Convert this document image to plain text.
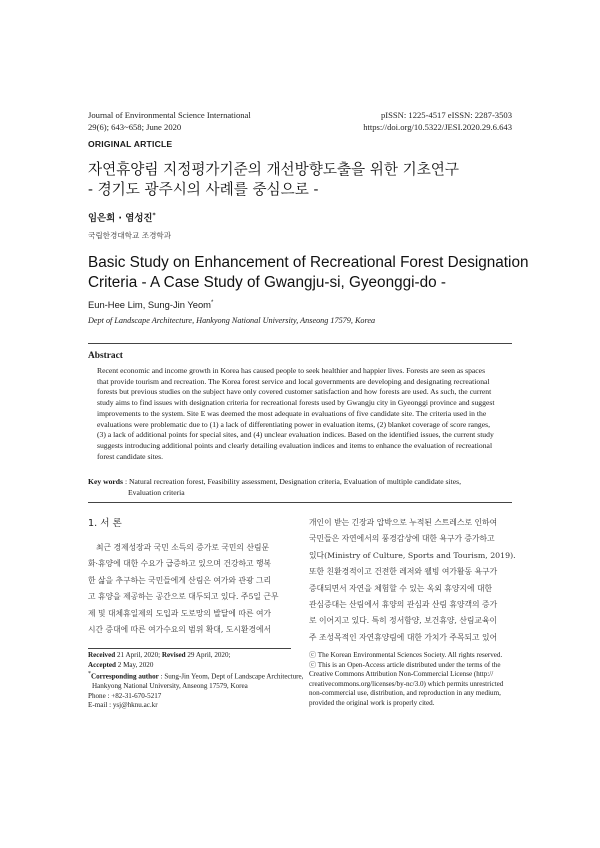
Journal of Environmental Science International
29(6); 643~658; June 2020
pISSN: 1225-4517 eISSN: 2287-3503
https://doi.org/10.5322/JESI.2020.29.6.643
ORIGINAL ARTICLE
자연휴양림 지정평가기준의 개선방향도출을 위한 기초연구
- 경기도 광주시의 사례를 중심으로 -
임은희 · 염성진*
국립한경대학교 조경학과
Basic Study on Enhancement of Recreational Forest Designation
Criteria - A Case Study of Gwangju-si, Gyeonggi-do -
Eun-Hee Lim, Sung-Jin Yeom*
Dept of Landscape Architecture, Hankyong National University, Anseong 17579, Korea
Abstract
Recent economic and income growth in Korea has caused people to seek healthier and happier lives. Forests are seen as spaces
that provide tourism and recreation. The Korea forest service and local governments are developing and designating recreational
forests but previous studies on the subject have only covered customer satisfaction and how forests are used. As such, the current
study aims to find issues with designation criteria for recreational forests used by Gwangju city in Gyeonggi province and suggest
improvements to the system. Site E was deemed the most adequate in evaluations of five candidate site. The criteria used in the
evaluations were problematic due to (1) a lack of differentiating power in evaluation items, (2) blanket coverage of score ranges,
(3) a lack of additional points for special sites, and (4) unclear evaluation indices. Based on the identified issues, the current study
suggests introducing additional points and clearly detailing evaluation indices and items to enhance the evaluation of recreational
forest candidate sites.
Key words : Natural recreation forest, Feasibility assessment, Designation criteria, Evaluation of multiple candidate sites,
Evaluation criteria
1. 서 론
최근 경제성장과 국민 소득의 증가로 국민의 산림문
화·휴양에 대한 수요가 급증하고 있으며 건강하고 행복
한 삶을 추구하는 국민들에게 산림은 여가와 관광 그리
고 휴양을 제공하는 공간으로 대두되고 있다. 주5일 근무
제 및 대체휴일제의 도입과 도로망의 발달에 따른 여가
시간 증대에 따른 여가수요의 범위 확대, 도시환경에서
개인이 받는 긴장과 압박으로 누적된 스트레스로 인하여
국민들은 자연에서의 풍경감상에 대한 욕구가 증가하고
있다(Ministry of Culture, Sports and Tourism, 2019).
또한 친환경적이고 건전한 레저와 웰빙 여가활동 욕구가
증대되면서 자연을 체험할 수 있는 옥외 휴양지에 대한
관심증대는 산림에서 휴양의 관심과 산림 휴양객의 증가
로 이어지고 있다. 특히 정서함양, 보건휴양, 산림교육이
주 조성목적인 자연휴양림에 대한 가치가 주목되고 있어
Received 21 April, 2020; Revised 29 April, 2020;
Accepted 2 May, 2020
*Corresponding author : Sung-Jin Yeom, Dept of Landscape Architecture,
Hankyong National University, Anseong 17579, Korea
Phone : +82-31-670-5217
E-mail : ysj@hknu.ac.kr
ⓒ The Korean Environmental Sciences Society. All rights reserved.
ⓒ This is an Open-Access article distributed under the terms of the
Creative Commons Attribution Non-Commercial License (http://
creativecommons.org/licenses/by-nc/3.0) which permits unrestricted
non-commercial use, distribution, and reproduction in any medium,
provided the original work is properly cited.
